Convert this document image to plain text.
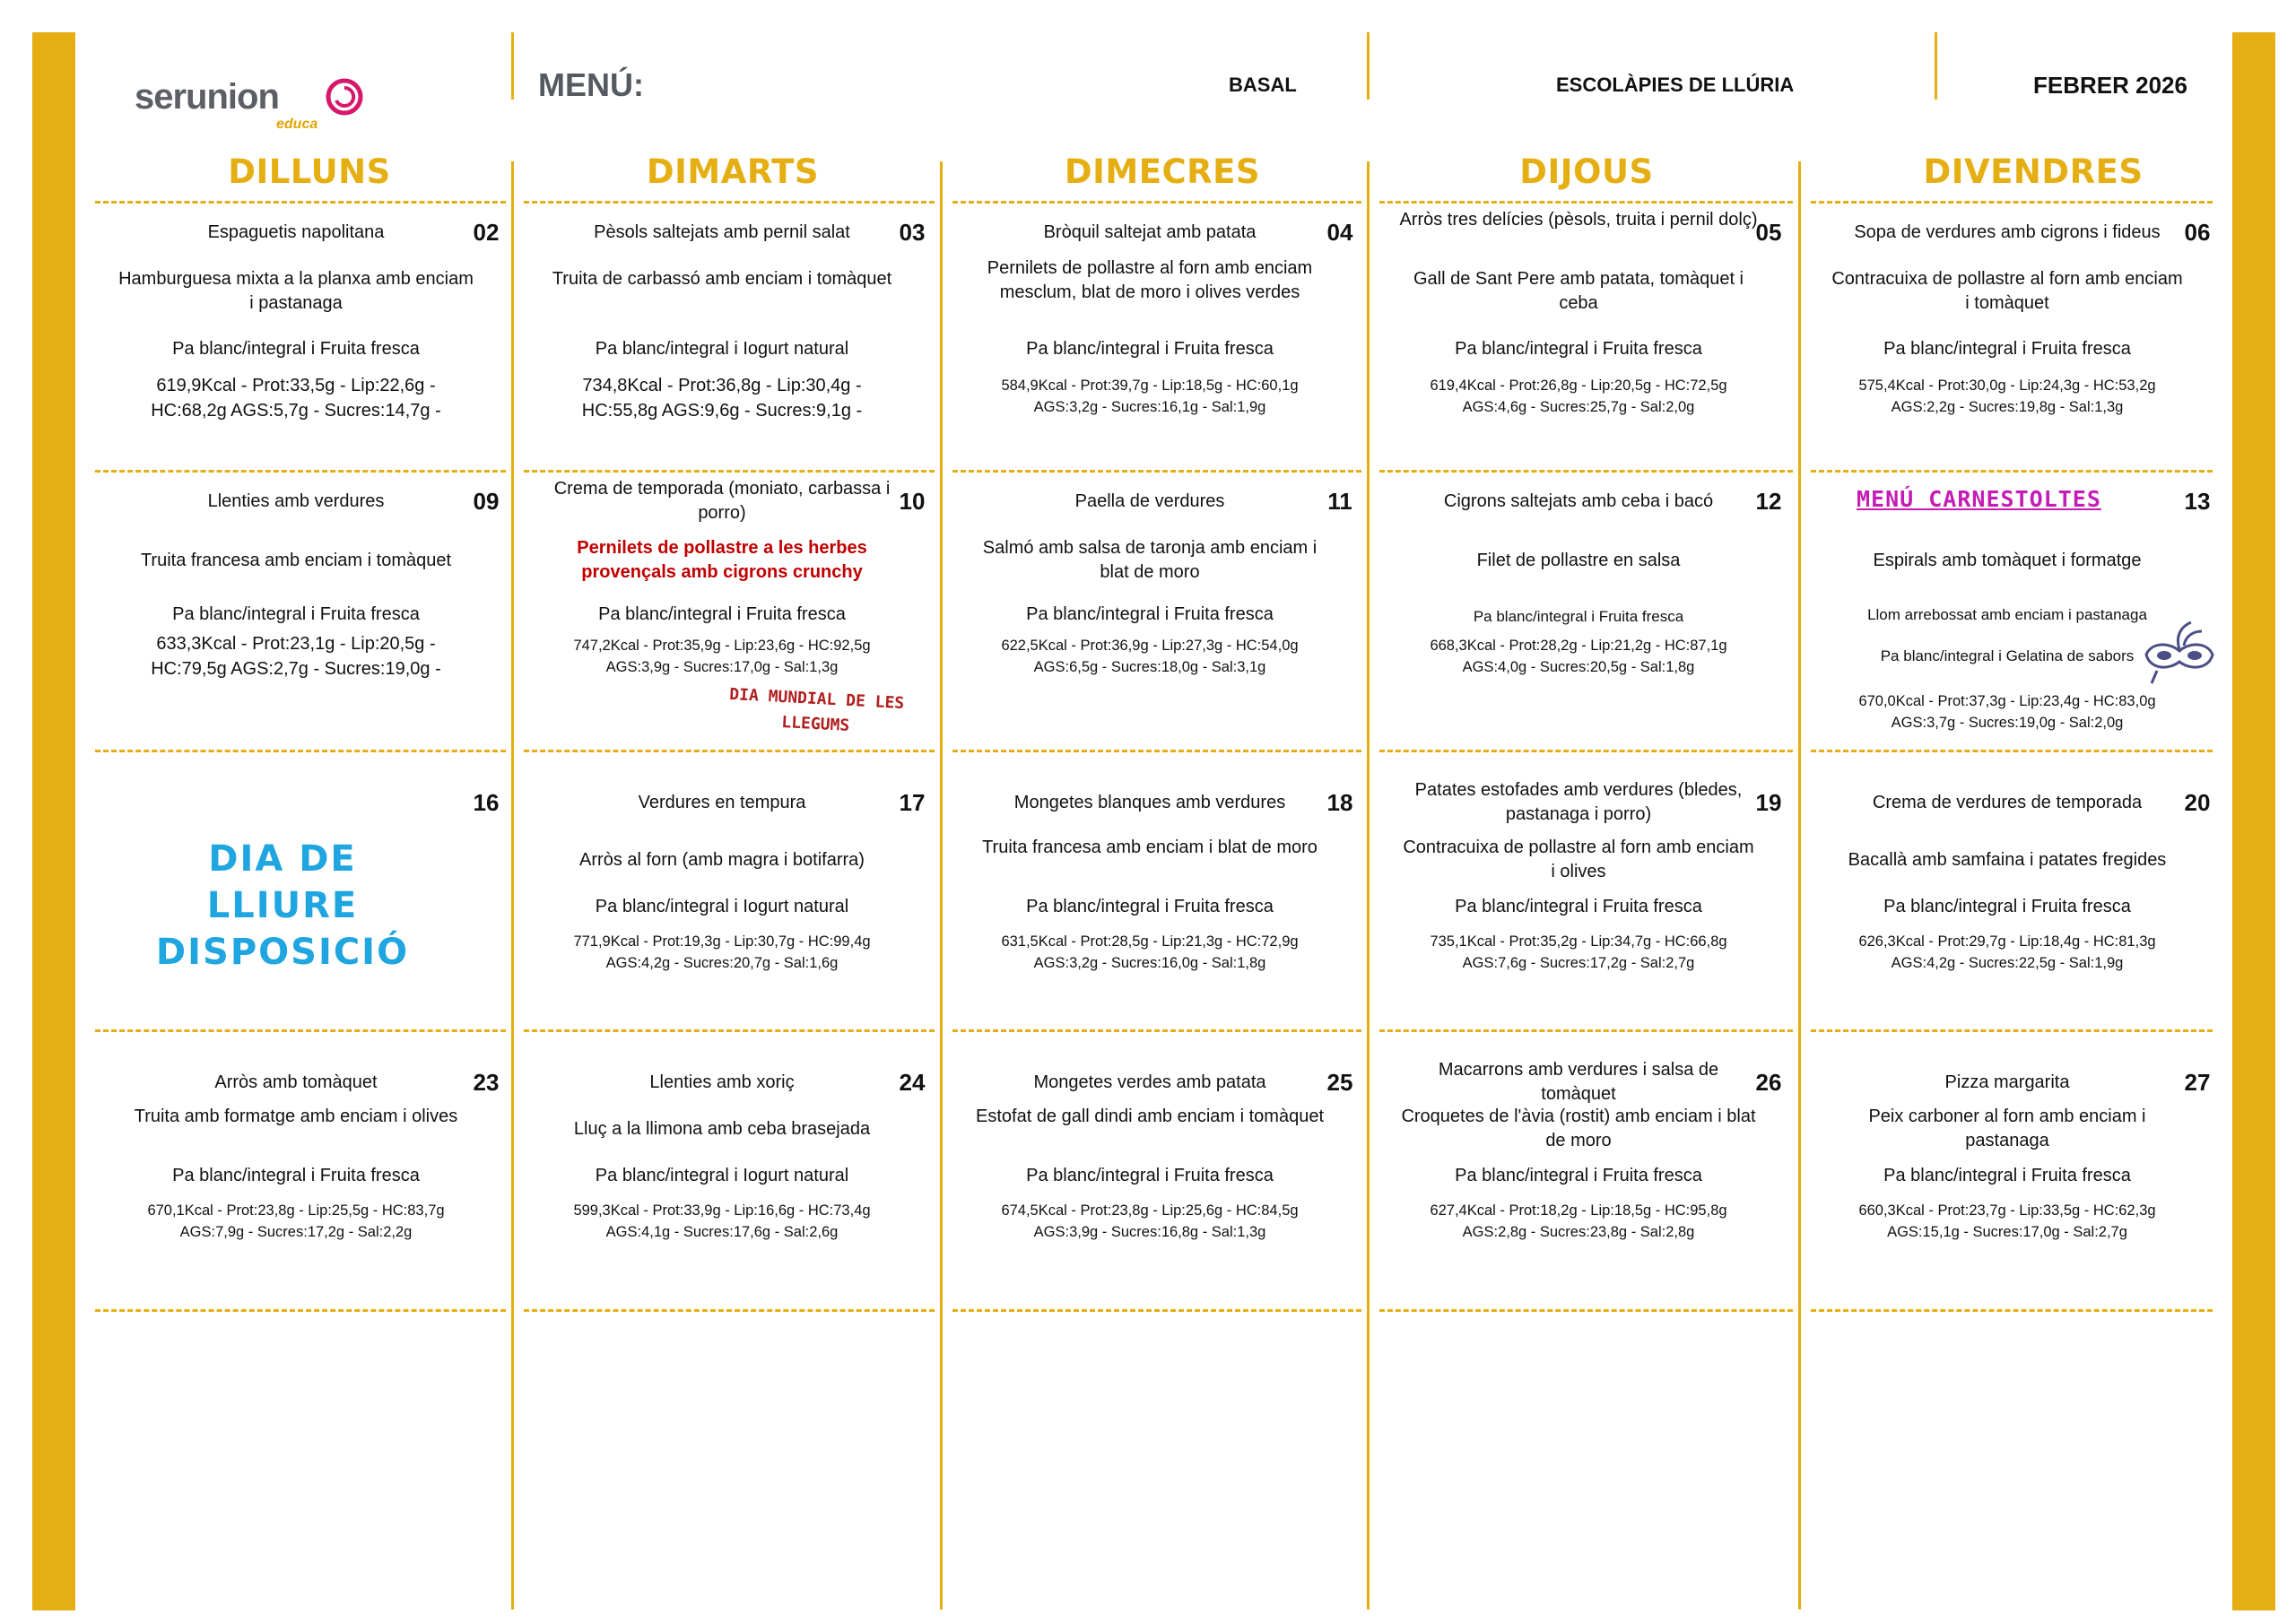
serunion
educa
MENÚ:	BASAL	ESCOLÀPIES DE LLÚRIA	FEBRER 2026
DILLUNS	DIMARTS	DIMECRES	DIJOUS	DIVENDRES
Espaguetis napolitana	02
Hamburguesa mixta a la planxa amb enciam i pastanaga
Pa blanc/integral i Fruita fresca
619,9Kcal - Prot:33,5g - Lip:22,6g -
HC:68,2g AGS:5,7g - Sucres:14,7g -
Pèsols saltejats amb pernil salat	03
Truita de carbassó amb enciam i tomàquet
Pa blanc/integral i Iogurt natural
734,8Kcal - Prot:36,8g - Lip:30,4g -
HC:55,8g AGS:9,6g - Sucres:9,1g -
Bròquil saltejat amb patata	04
Pernilets de pollastre al forn amb enciam mesclum, blat de moro i olives verdes
Pa blanc/integral i Fruita fresca
584,9Kcal - Prot:39,7g - Lip:18,5g - HC:60,1g
AGS:3,2g - Sucres:16,1g - Sal:1,9g
Arròs tres delícies (pèsols, truita i pernil dolç)
05
Gall de Sant Pere amb patata, tomàquet i ceba
Pa blanc/integral i Fruita fresca
619,4Kcal - Prot:26,8g - Lip:20,5g - HC:72,5g
AGS:4,6g - Sucres:25,7g - Sal:2,0g
Sopa de verdures amb cigrons i fideus	06
Contracuixa de pollastre al forn amb enciam i tomàquet
Pa blanc/integral i Fruita fresca
575,4Kcal - Prot:30,0g - Lip:24,3g - HC:53,2g
AGS:2,2g - Sucres:19,8g - Sal:1,3g
Llenties amb verdures	09
Truita francesa amb enciam i tomàquet
Pa blanc/integral i Fruita fresca
633,3Kcal - Prot:23,1g - Lip:20,5g -
HC:79,5g AGS:2,7g - Sucres:19,0g -
Crema de temporada (moniato, carbassa i porro)	10
Pernilets de pollastre a les herbes provençals amb cigrons crunchy
Pa blanc/integral i Fruita fresca
747,2Kcal - Prot:35,9g - Lip:23,6g - HC:92,5g
AGS:3,9g - Sucres:17,0g - Sal:1,3g
DIA MUNDIAL DE LES LLEGUMS
Paella de verdures	11
Salmó amb salsa de taronja amb enciam i blat de moro
Pa blanc/integral i Fruita fresca
622,5Kcal - Prot:36,9g - Lip:27,3g - HC:54,0g
AGS:6,5g - Sucres:18,0g - Sal:3,1g
Cigrons saltejats amb ceba i bacó	12
Filet de pollastre en salsa
Pa blanc/integral i Fruita fresca
668,3Kcal - Prot:28,2g - Lip:21,2g - HC:87,1g
AGS:4,0g - Sucres:20,5g - Sal:1,8g
MENÚ CARNESTOLTES	13
Espirals amb tomàquet i formatge
Llom arrebossat amb enciam i pastanaga
Pa blanc/integral i Gelatina de sabors
670,0Kcal - Prot:37,3g - Lip:23,4g - HC:83,0g
AGS:3,7g - Sucres:19,0g - Sal:2,0g
16
DIA DE LLIURE DISPOSICIÓ
Verdures en tempura	17
Arròs al forn (amb magra i botifarra)
Pa blanc/integral i Iogurt natural
771,9Kcal - Prot:19,3g - Lip:30,7g - HC:99,4g
AGS:4,2g - Sucres:20,7g - Sal:1,6g
Mongetes blanques amb verdures	18
Truita francesa amb enciam i blat de moro
Pa blanc/integral i Fruita fresca
631,5Kcal - Prot:28,5g - Lip:21,3g - HC:72,9g
AGS:3,2g - Sucres:16,0g - Sal:1,8g
Patates estofades amb verdures (bledes, pastanaga i porro)	19
Contracuixa de pollastre al forn amb enciam i olives
Pa blanc/integral i Fruita fresca
735,1Kcal - Prot:35,2g - Lip:34,7g - HC:66,8g
AGS:7,6g - Sucres:17,2g - Sal:2,7g
Crema de verdures de temporada	20
Bacallà amb samfaina i patates fregides
Pa blanc/integral i Fruita fresca
626,3Kcal - Prot:29,7g - Lip:18,4g - HC:81,3g
AGS:4,2g - Sucres:22,5g - Sal:1,9g
Arròs amb tomàquet	23
Truita amb formatge amb enciam i olives
Pa blanc/integral i Fruita fresca
670,1Kcal - Prot:23,8g - Lip:25,5g - HC:83,7g
AGS:7,9g - Sucres:17,2g - Sal:2,2g
Llenties amb xoriç	24
Lluç a la llimona amb ceba brasejada
Pa blanc/integral i Iogurt natural
599,3Kcal - Prot:33,9g - Lip:16,6g - HC:73,4g
AGS:4,1g - Sucres:17,6g - Sal:2,6g
Mongetes verdes amb patata	25
Estofat de gall dindi amb enciam i tomàquet
Pa blanc/integral i Fruita fresca
674,5Kcal - Prot:23,8g - Lip:25,6g - HC:84,5g
AGS:3,9g - Sucres:16,8g - Sal:1,3g
Macarrons amb verdures i salsa de tomàquet	26
Croquetes de l'àvia (rostit) amb enciam i blat de moro
Pa blanc/integral i Fruita fresca
627,4Kcal - Prot:18,2g - Lip:18,5g - HC:95,8g
AGS:2,8g - Sucres:23,8g - Sal:2,8g
Pizza margarita	27
Peix carboner al forn amb enciam i pastanaga
Pa blanc/integral i Fruita fresca
660,3Kcal - Prot:23,7g - Lip:33,5g - HC:62,3g
AGS:15,1g - Sucres:17,0g - Sal:2,7g
